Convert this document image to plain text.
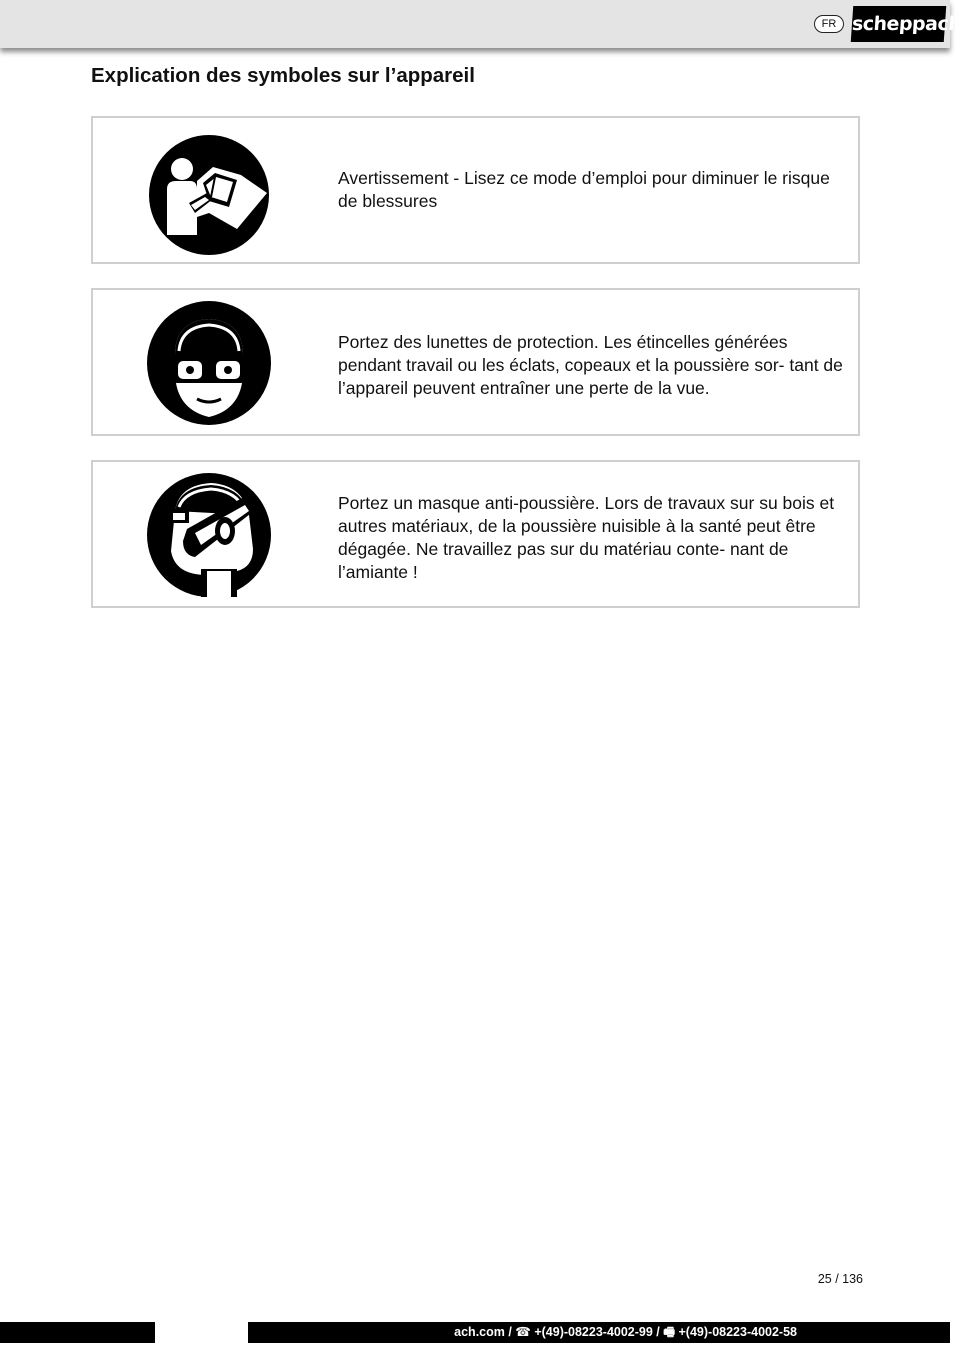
FR scheppach
Explication des symboles sur l’appareil

Avertissement - Lisez ce mode d’emploi pour diminuer le risque de blessures

Portez des lunettes de protection. Les étincelles générées pendant travail ou les éclats, copeaux et la poussière sor- tant de l’appareil peuvent entraîner une perte de la vue.

Portez un masque anti-poussière. Lors de travaux sur su bois et autres matériaux, de la poussière nuisible à la santé peut être dégagée. Ne travaillez pas sur du matériau conte- nant de l’amiante !

25 / 136
ach.com / ☎ +(49)-08223-4002-99 / 🖷 +(49)-08223-4002-58
